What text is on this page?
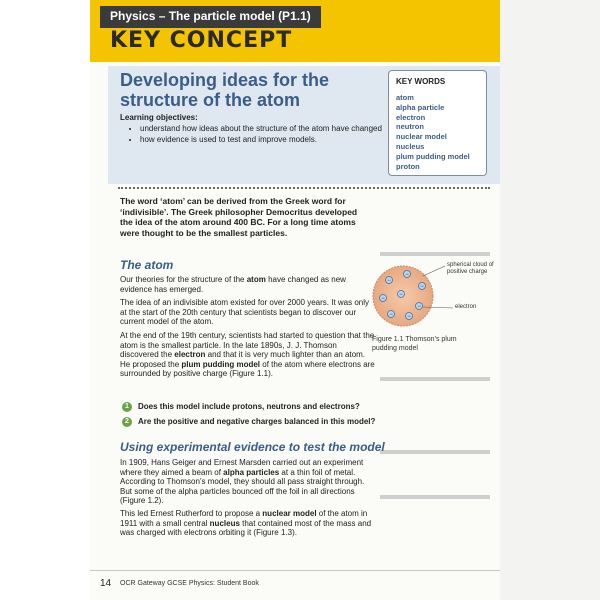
Physics – The particle model (P1.1)
KEY CONCEPT
Developing ideas for the structure of the atom
Learning objectives:
• understand how ideas about the structure of the atom have changed
• how evidence is used to test and improve models.
KEY WORDS
atom
alpha particle
electron
neutron
nuclear model
nucleus
plum pudding model
proton
The word ‘atom’ can be derived from the Greek word for ‘indivisible’. The Greek philosopher Democritus developed the idea of the atom around 400 BC. For a long time atoms were thought to be the smallest particles.
The atom

Our theories for the structure of the atom have changed as new evidence has emerged.

The idea of an indivisible atom existed for over 2000 years. It was only at the start of the 20th century that scientists began to discover our current model of the atom.

At the end of the 19th century, scientists had started to question that the atom is the smallest particle. In the late 1890s, J. J. Thomson discovered the electron and that it is very much lighter than an atom. He proposed the plum pudding model of the atom where electrons are surrounded by positive charge (Figure 1.1).

−
−
−
−
−
−
− −
spherical cloud of positive charge
electron
Figure 1.1 Thomson’s plum pudding model
1 Does this model include protons, neutrons and electrons?
2 Are the positive and negative charges balanced in this model?
Using experimental evidence to test the model

In 1909, Hans Geiger and Ernest Marsden carried out an experiment where they aimed a beam of alpha particles at a thin foil of metal. According to Thomson’s model, they should all pass straight through. But some of the alpha particles bounced off the foil in all directions (Figure 1.2).

This led Ernest Rutherford to propose a nuclear model of the atom in 1911 with a small central nucleus that contained most of the mass and was charged with electrons orbiting it (Figure 1.3).

14 OCR Gateway GCSE Physics: Student Book
